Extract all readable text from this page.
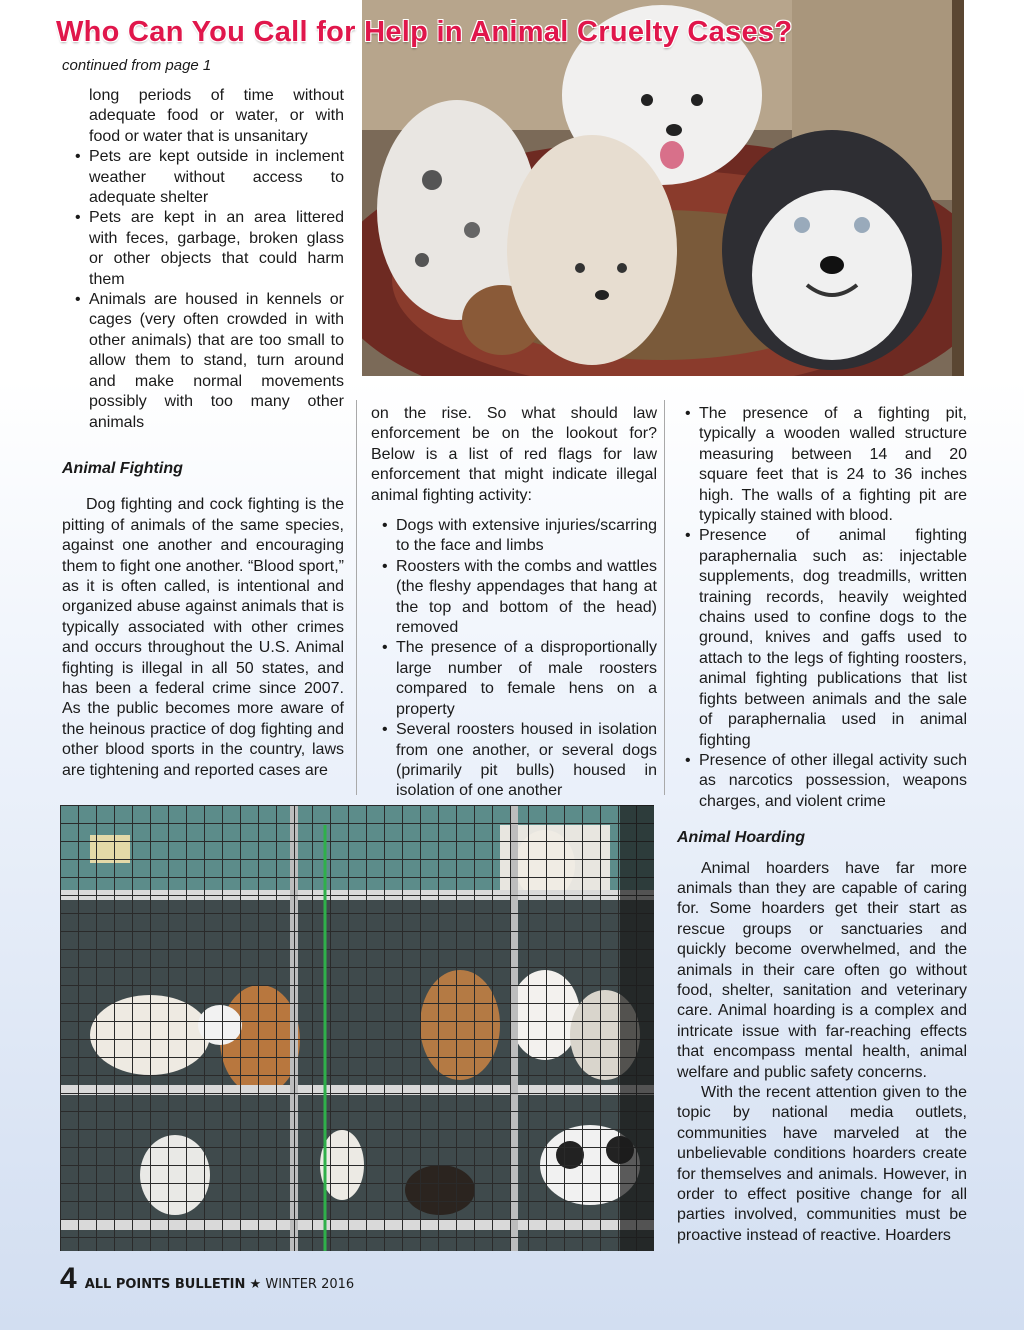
Who Can You Call for Help in Animal Cruelty Cases?
continued from page 1

long periods of time without adequate food or water, or with food or water that is unsanitary

• Pets are kept outside in inclement weather without access to adequate shelter
• Pets are kept in an area littered with feces, garbage, broken glass or other objects that could harm them
• Animals are housed in kennels or cages (very often crowded in with other animals) that are too small to allow them to stand, turn around and make normal movements possibly with too many other animals

Animal Fighting

Dog fighting and cock fighting is the pitting of animals of the same species, against one another and encouraging them to fight one another. “Blood sport,” as it is often called, is intentional and organized abuse against animals that is typically associated with other crimes and occurs throughout the U.S. Animal fighting is illegal in all 50 states, and has been a federal crime since 2007. As the public becomes more aware of the heinous practice of dog fighting and other blood sports in the country, laws are tightening and reported cases are

on the rise. So what should law enforcement be on the lookout for? Below is a list of red flags for law enforcement that might indicate illegal animal fighting activity:

• Dogs with extensive injuries/scarring to the face and limbs
• Roosters with the combs and wattles (the fleshy appendages that hang at the top and bottom of the head) removed
• The presence of a disproportionally large number of male roosters compared to female hens on a property
• Several roosters housed in isolation from one another, or several dogs (primarily pit bulls) housed in isolation of one another
• The presence of a fighting pit, typically a wooden walled structure measuring between 14 and 20 square feet that is 24 to 36 inches high. The walls of a fighting pit are typically stained with blood.
• Presence of animal fighting paraphernalia such as: injectable supplements, dog treadmills, written training records, heavily weighted chains used to confine dogs to the ground, knives and gaffs used to attach to the legs of fighting roosters, animal fighting publications that list fights between animals and the sale of paraphernalia used in animal fighting
• Presence of other illegal activity such as narcotics possession, weapons charges, and violent crime

Animal Hoarding

Animal hoarders have far more animals than they are capable of caring for. Some hoarders get their start as rescue groups or sanctuaries and quickly become overwhelmed, and the animals in their care often go without food, shelter, sanitation and veterinary care. Animal hoarding is a complex and intricate issue with far-reaching effects that encompass mental health, animal welfare and public safety concerns.

With the recent attention given to the topic by national media outlets, communities have marveled at the unbelievable conditions hoarders create for themselves and animals. However, in order to effect positive change for all parties involved, communities must be proactive instead of reactive. Hoarders

4 ALL POINTS BULLETIN ★ WINTER 2016
